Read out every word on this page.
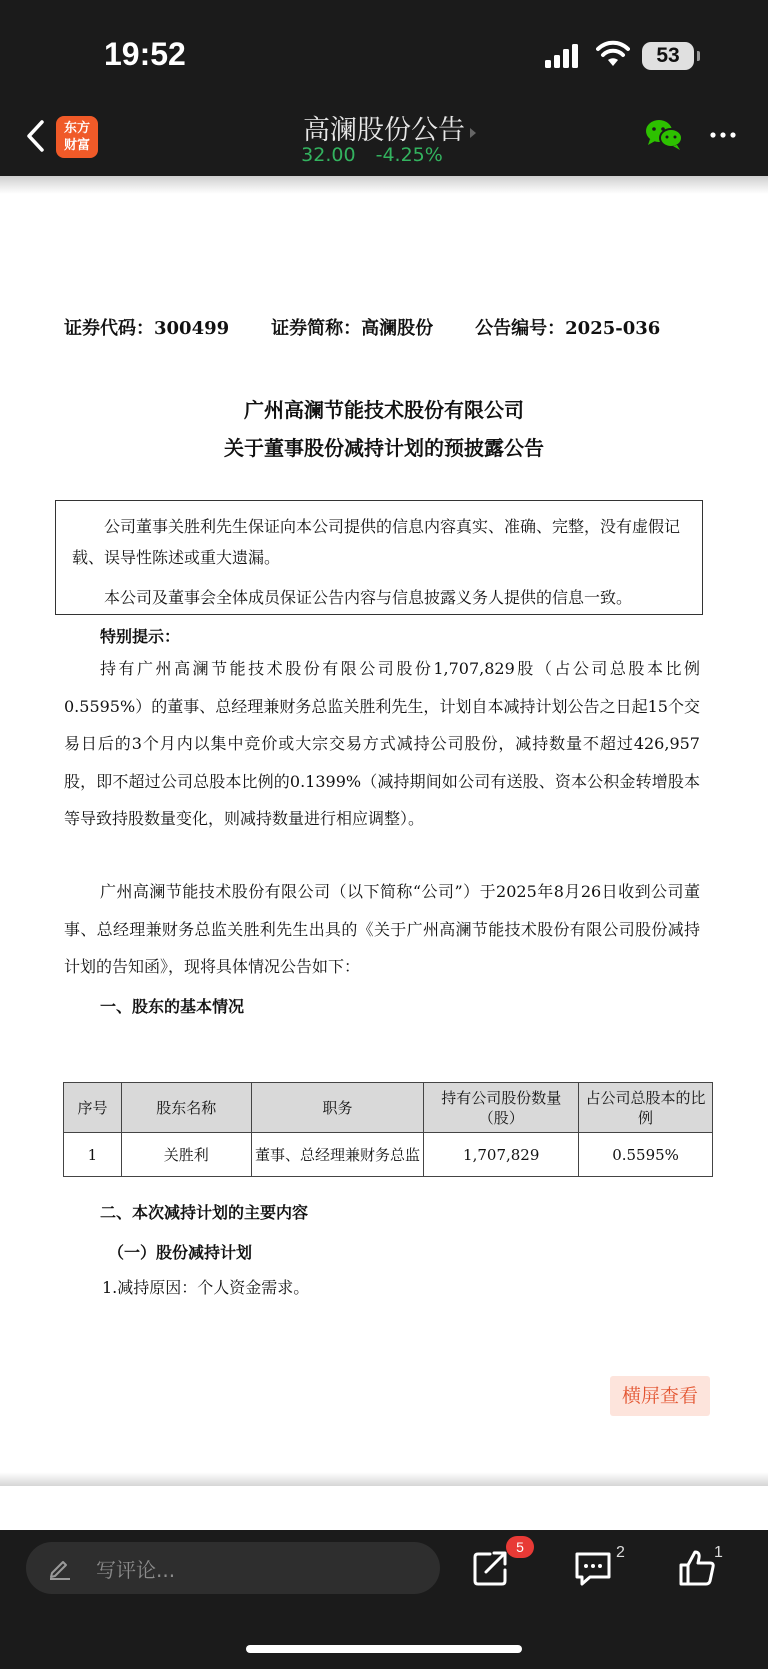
19:52	53
东方
财富	高澜股份公告
32.00 -4.25%
证券代码：300499 证券简称：高澜股份 公告编号：2025-036
广州高澜节能技术股份有限公司
关于董事股份减持计划的预披露公告

公司董事关胜利先生保证向本公司提供的信息内容真实、准确、完整，没有虚假记载、误导性陈述或重大遗漏。

本公司及董事会全体成员保证公告内容与信息披露义务人提供的信息一致。

特别提示：
持有广州高澜节能技术股份有限公司股份1,707,829股（占公司总股本比例0.5595%）的董事、总经理兼财务总监关胜利先生，计划自本减持计划公告之日起15个交易日后的3个月内以集中竞价或大宗交易方式减持公司股份，减持数量不超过426,957股，即不超过公司总股本比例的0.1399%（减持期间如公司有送股、资本公积金转增股本等导致持股数量变化，则减持数量进行相应调整）。
广州高澜节能技术股份有限公司（以下简称“公司”）于2025年8月26日收到公司董事、总经理兼财务总监关胜利先生出具的《关于广州高澜节能技术股份有限公司股份减持计划的告知函》，现将具体情况公告如下：
一、股东的基本情况
序号	股东名称	职务	持有公司股份数量（股）	占公司总股本的比例
1	关胜利	董事、总经理兼财务总监	1,707,829	0.5595%
二、本次减持计划的主要内容
（一）股份减持计划
1.减持原因：个人资金需求。
横屏查看
写评论...
5	2	1
